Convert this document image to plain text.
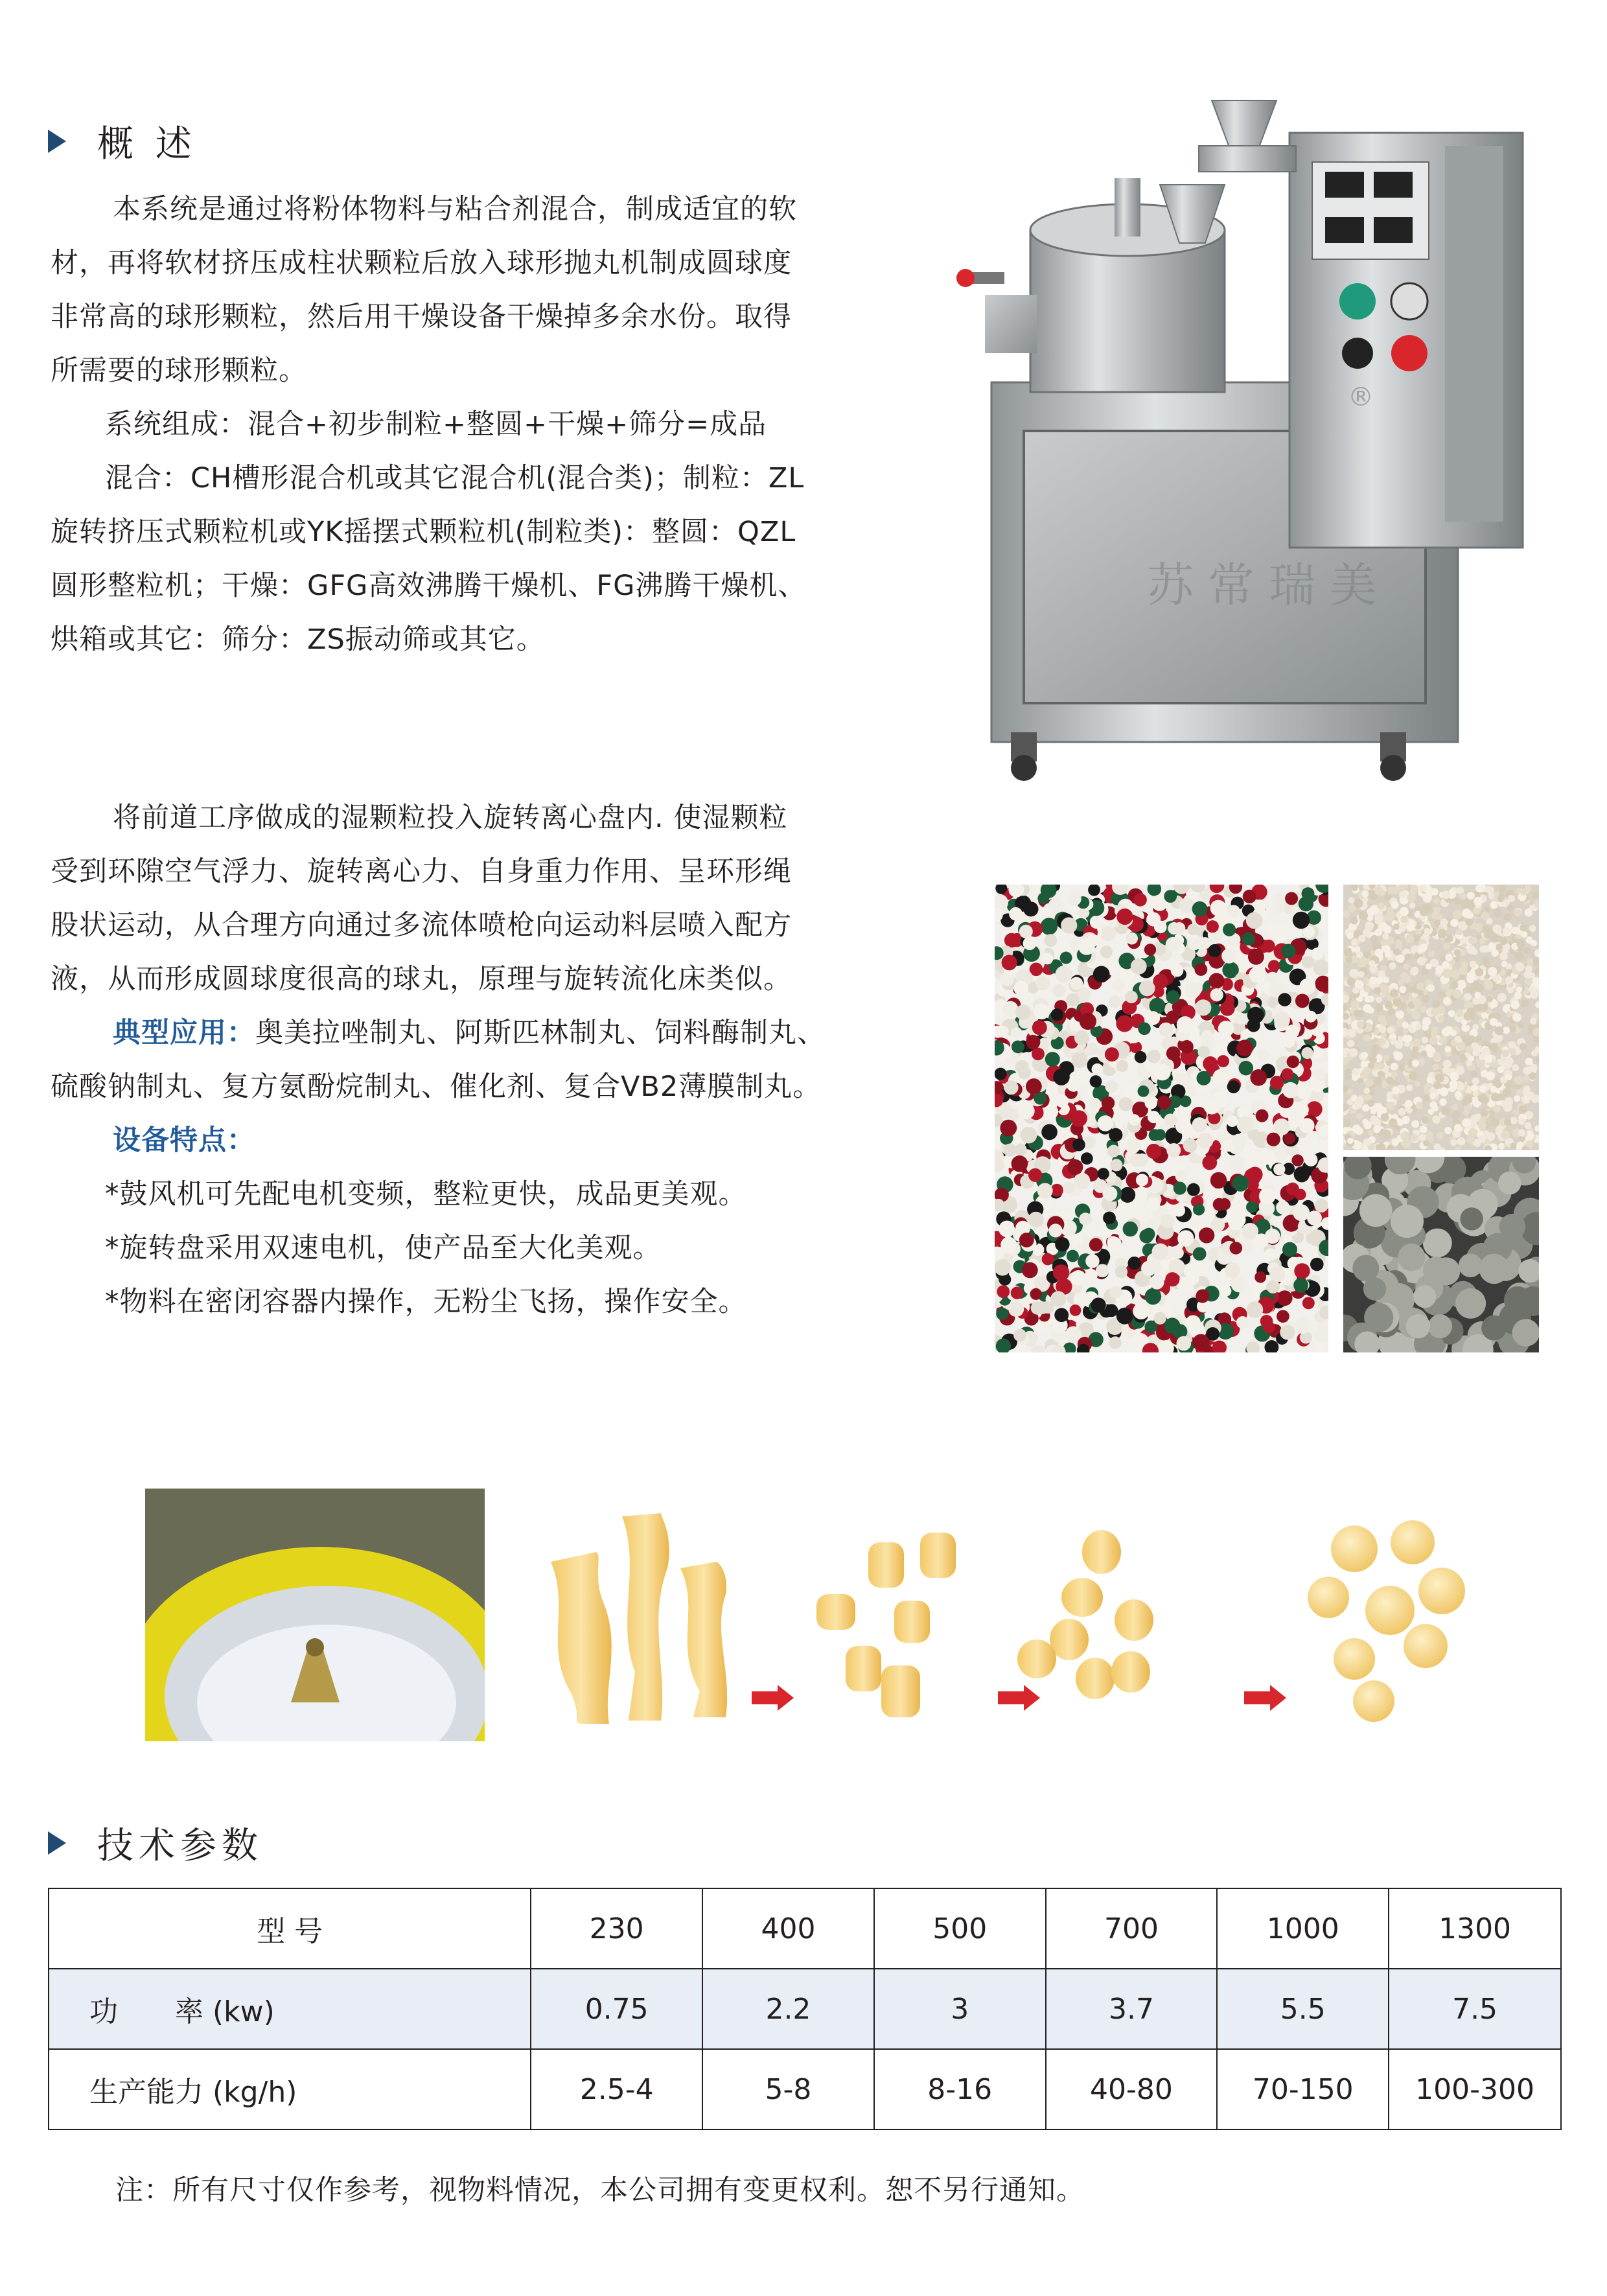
概 述

本系统是通过将粉体物料与粘合剂混合，制成适宜的软

材，再将软材挤压成柱状颗粒后放入球形抛丸机制成圆球度

非常高的球形颗粒，然后用干燥设备干燥掉多余水份。取得

所需要的球形颗粒。

系统组成：混合+初步制粒+整圆+干燥+筛分=成品

混合：CH槽形混合机或其它混合机(混合类)；制粒：ZL

旋转挤压式颗粒机或YK摇摆式颗粒机(制粒类)：整圆：QZL

圆形整粒机；干燥：GFG高效沸腾干燥机、FG沸腾干燥机、

烘箱或其它：筛分：ZS振动筛或其它。

苏常瑞美
®

将前道工序做成的湿颗粒投入旋转离心盘内. 使湿颗粒

受到环隙空气浮力、旋转离心力、自身重力作用、呈环形绳

股状运动，从合理方向通过多流体喷枪向运动料层喷入配方

液，从而形成圆球度很高的球丸，原理与旋转流化床类似。

典型应用：奥美拉唑制丸、阿斯匹林制丸、饲料酶制丸、

硫酸钠制丸、复方氨酚烷制丸、催化剂、复合VB2薄膜制丸。

设备特点：

*鼓风机可先配电机变频，整粒更快，成品更美观。

*旋转盘采用双速电机，使产品至大化美观。

*物料在密闭容器内操作，无粉尘飞扬，操作安全。

技术参数
型 号	230	400	500	700	1000	1300
功　　率 (kw)	0.75	2.2	3	3.7	5.5	7.5
生产能力 (kg/h)	2.5-4	5-8	8-16	40-80	70-150	100-300
注：所有尺寸仅作参考，视物料情况，本公司拥有变更权利。恕不另行通知。
